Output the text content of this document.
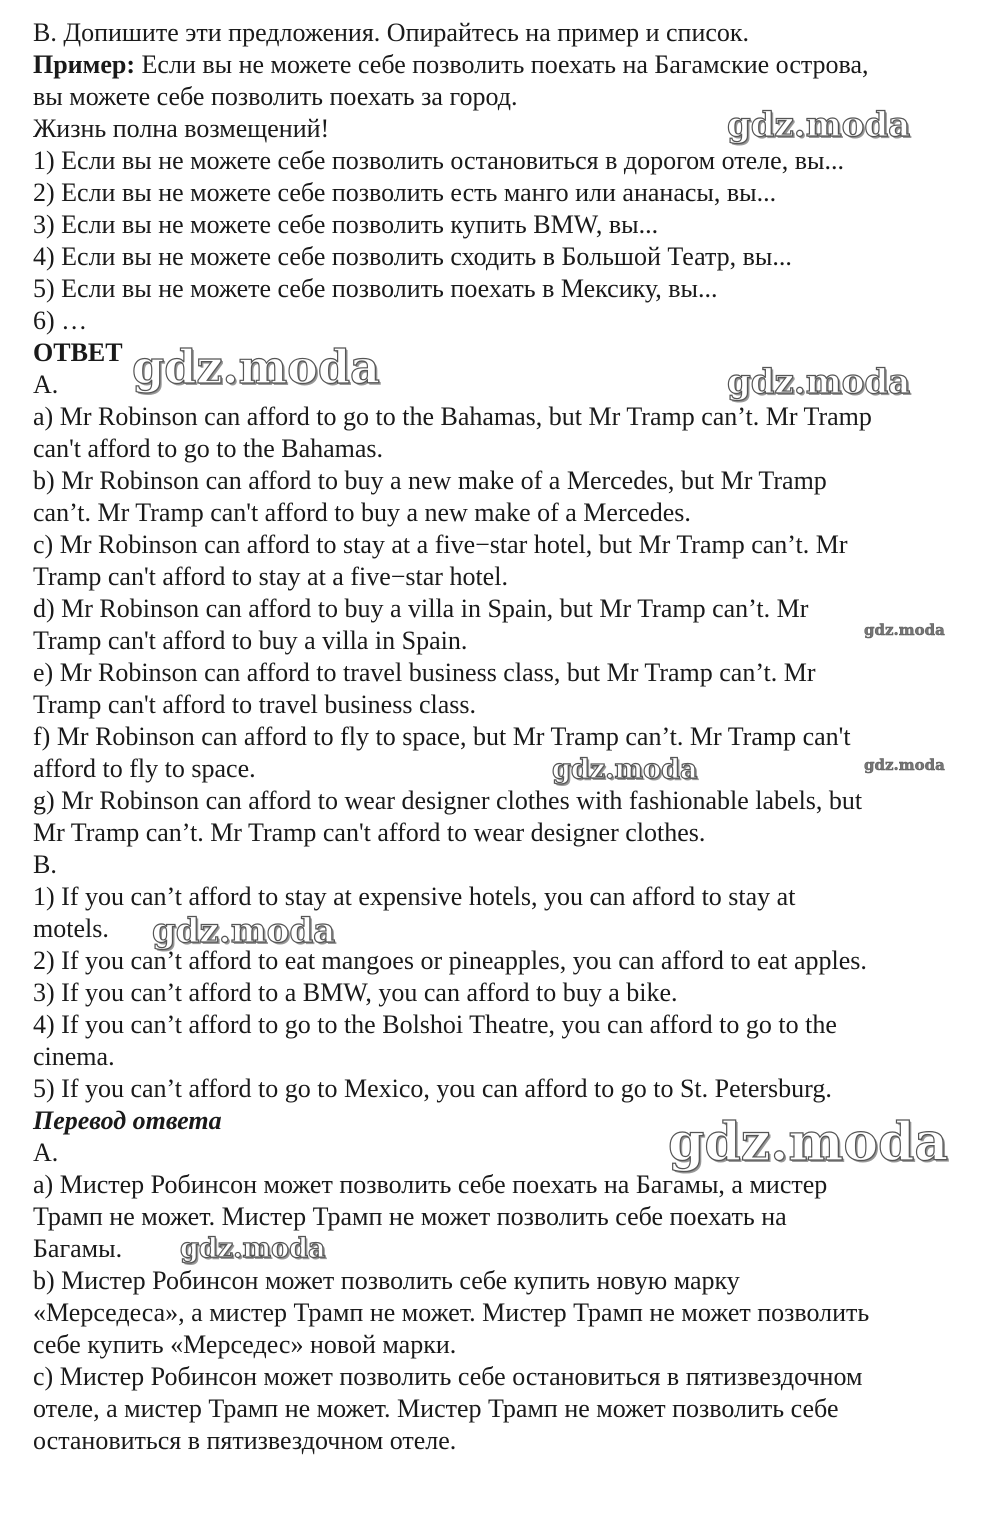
B. Допишите эти предложения. Опирайтесь на пример и список.
Пример: Если вы не можете себе позволить поехать на Багамские острова,
вы можете себе позволить поехать за город.
Жизнь полна возмещений!
1) Если вы не можете себе позволить остановиться в дорогом отеле, вы...
2) Если вы не можете себе позволить есть манго или ананасы, вы...
3) Если вы не можете себе позволить купить BMW, вы...
4) Если вы не можете себе позволить сходить в Большой Театр, вы...
5) Если вы не можете себе позволить поехать в Мексику, вы...
6) …
ОТВЕТ
A.
a) Mr Robinson can afford to go to the Bahamas, but Mr Tramp can’t. Mr Tramp
can't afford to go to the Bahamas.
b) Mr Robinson can afford to buy a new make of a Mercedes, but Mr Tramp
can’t. Mr Tramp can't afford to buy a new make of a Mercedes.
c) Mr Robinson can afford to stay at a five−star hotel, but Mr Tramp can’t. Mr
Tramp can't afford to stay at a five−star hotel.
d) Mr Robinson can afford to buy a villa in Spain, but Mr Tramp can’t. Mr
Tramp can't afford to buy a villa in Spain.
e) Mr Robinson can afford to travel business class, but Mr Tramp can’t. Mr
Tramp can't afford to travel business class.
f) Mr Robinson can afford to fly to space, but Mr Tramp can’t. Mr Tramp can't
afford to fly to space.
g) Mr Robinson can afford to wear designer clothes with fashionable labels, but
Mr Tramp can’t. Mr Tramp can't afford to wear designer clothes.
B.
1) If you can’t afford to stay at expensive hotels, you can afford to stay at
motels.
2) If you can’t afford to eat mangoes or pineapples, you can afford to eat apples.
3) If you can’t afford to a BMW, you can afford to buy a bike.
4) If you can’t afford to go to the Bolshoi Theatre, you can afford to go to the
cinema.
5) If you can’t afford to go to Mexico, you can afford to go to St. Petersburg.
Перевод ответа
A.
a) Мистер Робинсон может позволить себе поехать на Багамы, а мистер
Трамп не может. Мистер Трамп не может позволить себе поехать на
Багамы.
b) Мистер Робинсон может позволить себе купить новую марку
«Мерседеса», а мистер Трамп не может. Мистер Трамп не может позволить
себе купить «Мерседес» новой марки.
c) Мистер Робинсон может позволить себе остановиться в пятизвездочном
отеле, а мистер Трамп не может. Мистер Трамп не может позволить себе
остановиться в пятизвездочном отеле.
gdz.moda
gdz.moda	gdz.moda
gdz.moda
gdz.moda	gdz.moda
gdz.moda
gdz.moda
gdz.moda
